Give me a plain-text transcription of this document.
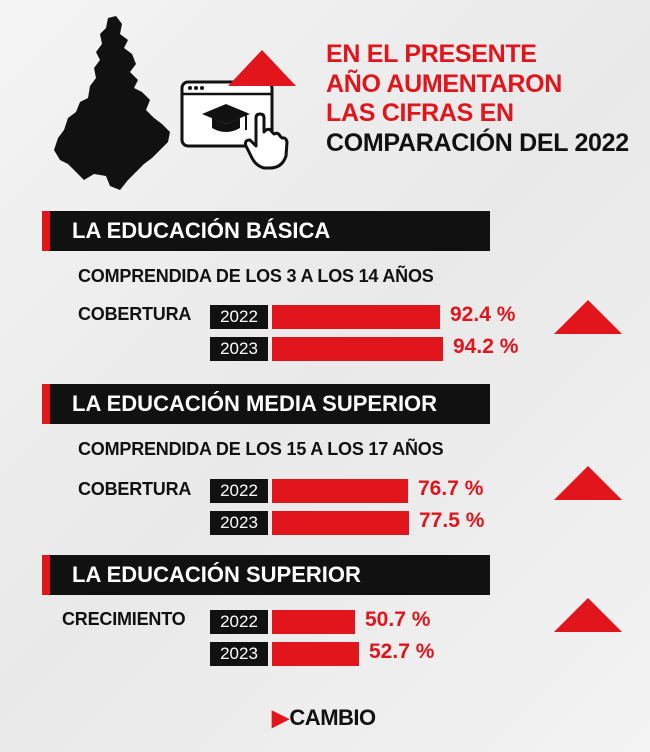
EN EL PRESENTE
AÑO AUMENTARON
LAS CIFRAS EN
COMPARACIÓN DEL 2022
LA EDUCACIÓN BÁSICA
COMPRENDIDA DE LOS 3 A LOS 14 AÑOS
COBERTURA	2022	92.4 %
2023	94.2 %
LA EDUCACIÓN MEDIA SUPERIOR
COMPRENDIDA DE LOS 15 A LOS 17 AÑOS
COBERTURA	2022	76.7 %
2023	77.5 %
LA EDUCACIÓN SUPERIOR
CRECIMIENTO	2022	50.7 %
2023	52.7 %
▶ CAMBIO
